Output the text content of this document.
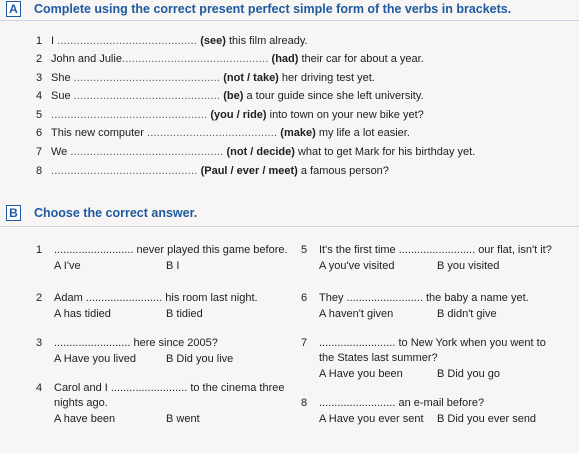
A Complete using the correct present perfect simple form of the verbs in brackets.
1 I ........................................... (see) this film already.
2 John and Julie............................................. (had) their car for about a year.
3 She ............................................. (not / take) her driving test yet.
4 Sue ............................................. (be) a tour guide since she left university.
5 ................................................ (you / ride) into town on your new bike yet?
6 This new computer ........................................ (make) my life a lot easier.
7 We ............................................... (not / decide) what to get Mark for his birthday yet.
8 ............................................. (Paul / ever / meet) a famous person?
B Choose the correct answer.
1 .......................... never played this game before.
A I've	B I
2 Adam ......................... his room last night.
A has tidied	B tidied
3 ......................... here since 2005?
A Have you lived	B Did you live
4 Carol and I ......................... to the cinema three
nights ago.
A have been	B went
5 It's the first time ......................... our flat, isn't it?
A you've visited	B you visited
6 They ......................... the baby a name yet.
A haven't given	B didn't give
7 ......................... to New York when you went to
the States last summer?
A Have you been	B Did you go
8 ......................... an e-mail before?
A Have you ever sent B Did you ever send
